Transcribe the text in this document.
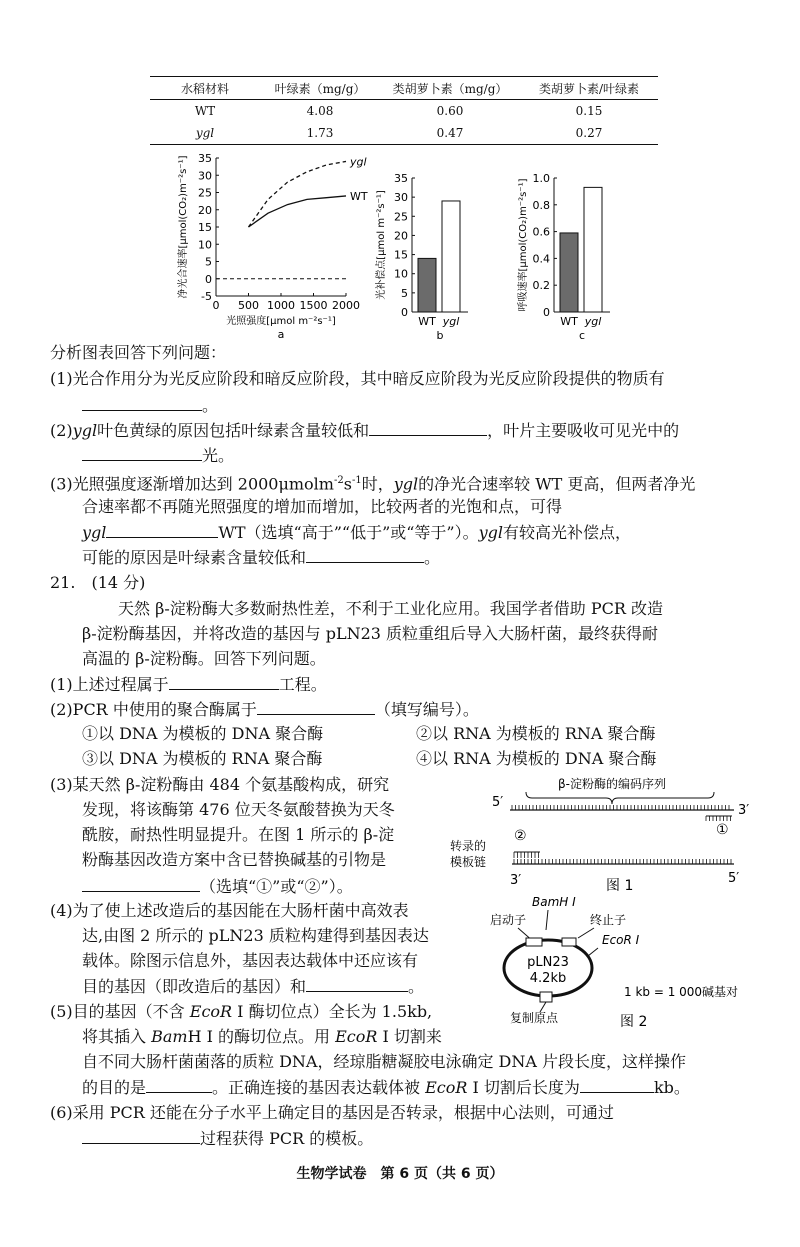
水稻材料	叶绿素（mg/g）	类胡萝卜素（mg/g）	类胡萝卜素/叶绿素
WT	4.08	0.60	0.15
ygl	1.73	0.47	0.27
35
30
25
20
15
10
5
0
-5
0 500 1000 1500 2000
ygl
WT
净光合速率[μmol(CO₂)m⁻²s⁻¹]
光照强度[μmol m⁻²s⁻¹]
a
35
30
25
20
15
10
5
0
WT ygl
光补偿点[μmol m⁻²s⁻¹]
b
1.0
0.8
0.6
0.4
0.2
0
WT ygl
呼吸速率[μmol(CO₂)m⁻²s⁻¹]
c
分析图表回答下列问题：
(1)光合作用分为光反应阶段和暗反应阶段，其中暗反应阶段为光反应阶段提供的物质有
。
(2)ygl叶色黄绿的原因包括叶绿素含量较低和	，叶片主要吸收可见光中的
光。
(3)光照强度逐渐增加达到 $2000\mu molm^{-2}s^{-1}$时，ygl的净光合速率较 WT 更高，但两者净光
合速率都不再随光照强度的增加而增加，比较两者的光饱和点，可得
ygl	WT（选填“高于”“低于”或“等于”）。ygl有较高光补偿点，
可能的原因是叶绿素含量较低和	。
21.　(14 分)
天然 β-淀粉酶大多数耐热性差，不利于工业化应用。我国学者借助 PCR 改造
β-淀粉酶基因，并将改造的基因与 pLN23 质粒重组后导入大肠杆菌，最终获得耐
高温的 β-淀粉酶。回答下列问题。
(1)上述过程属于	工程。
(2)PCR 中使用的聚合酶属于	（填写编号）。
①以 DNA 为模板的 DNA 聚合酶	②以 RNA 为模板的 RNA 聚合酶
③以 DNA 为模板的 RNA 聚合酶	④以 RNA 为模板的 DNA 聚合酶
(3)某天然 β-淀粉酶由 484 个氨基酸构成，研究
发现，将该酶第 476 位天冬氨酸替换为天冬
酰胺，耐热性明显提升。在图 1 所示的 β-淀
粉酶基因改造方案中含已替换碱基的引物是
（选填“①”或“②”）。
(4)为了使上述改造后的基因能在大肠杆菌中高效表
达,由图 2 所示的 pLN23 质粒构建得到基因表达
载体。除图示信息外，基因表达载体中还应该有
目的基因（即改造后的基因）和	。
(5)目的基因（不含 EcoR I 酶切位点）全长为 1.5kb,
将其插入 BamH I 的酶切位点。用 EcoR I 切割来
自不同大肠杆菌菌落的质粒 DNA，经琼脂糖凝胶电泳确定 DNA 片段长度，这样操作
的目的是	。正确连接的基因表达载体被 EcoR I 切割后长度为	kb。
(6)采用 PCR 还能在分子水平上确定目的基因是否转录，根据中心法则，可通过
过程获得 PCR 的模板。
β-淀粉酶的编码序列
5′
3′
①
②
转录的
模板链
3′	5′
图 1
BamH I
启动子	终止子
EcoR I
pLN23
4.2kb
复制原点
1 kb = 1 000碱基对
图 2
生物学试卷　第 6 页（共 6 页）
